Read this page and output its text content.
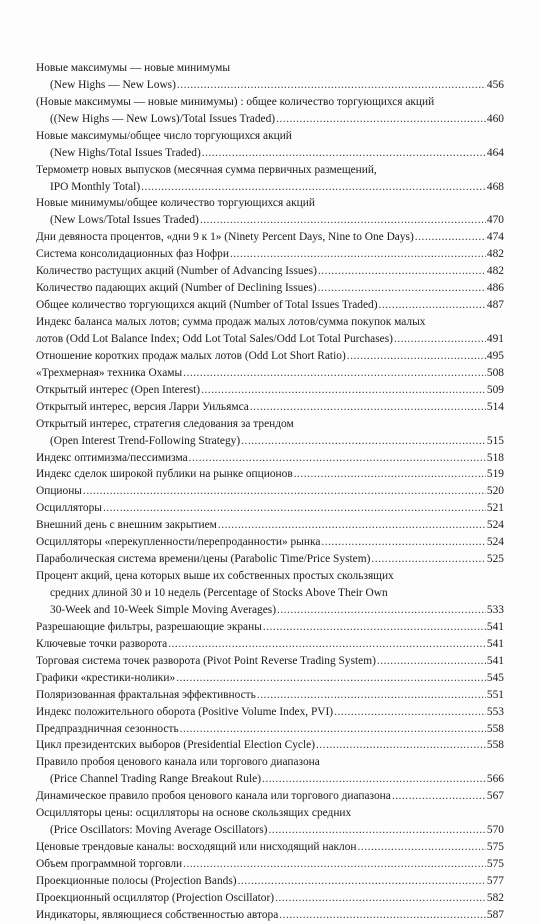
Новые максимумы — новые минимумы
(New Highs — New Lows) .....	456
(Новые максимумы — новые минимумы) : общее количество торгующихся акций
((New Highs — New Lows)/Total Issues Traded) .....	460
Новые максимумы/общее число торгующихся акций
(New Highs/Total Issues Traded) .....	464
Термометр новых выпусков (месячная сумма первичных размещений,
IPO Monthly Total) .....	468
Новые минимумы/общее количество торгующихся акций
(New Lows/Total Issues Traded) .....	470
Дни девяноста процентов, «дни 9 к 1» (Ninety Percent Days, Nine to One Days) .....	474
Система консолидационных фаз Нофри .....	482
Количество растущих акций (Number of Advancing Issues) .....	482
Количество падающих акций (Number of Declining Issues) .....	486
Общее количество торгующихся акций (Number of Total Issues Traded) .....	487
Индекс баланса малых лотов; сумма продаж малых лотов/сумма покупок малых
лотов (Odd Lot Balance Index; Odd Lot Total Sales/Odd Lot Total Purchases) .....	491
Отношение коротких продаж малых лотов (Odd Lot Short Ratio) .....	495
«Трехмерная» техника Охамы .....	508
Открытый интерес (Open Interest) .....	509
Открытый интерес, версия Ларри Уильямса .....	514
Открытый интерес, стратегия следования за трендом
(Open Interest Trend-Following Strategy) .....	515
Индекс оптимизма/пессимизма .....	518
Индекс сделок широкой публики на рынке опционов .....	519
Опционы .....	520
Осцилляторы .....	521
Внешний день с внешним закрытием .....	524
Осцилляторы «перекупленности/перепроданности» рынка .....	524
Параболическая система времени/цены (Parabolic Time/Price System) .....	525
Процент акций, цена которых выше их собственных простых скользящих
средних длиной 30 и 10 недель (Percentage of Stocks Above Their Own
30-Week and 10-Week Simple Moving Averages) .....	533
Разрешающие фильтры, разрешающие экраны .....	541
Ключевые точки разворота .....	541
Торговая система точек разворота (Pivot Point Reverse Trading System) .....	541
Графики «крестики-нолики» .....	545
Поляризованная фрактальная эффективность .....	551
Индекс положительного оборота (Positive Volume Index, PVI) .....	553
Предпраздничная сезонность .....	558
Цикл президентских выборов (Presidential Election Cycle) .....	558
Правило пробоя ценового канала или торгового диапазона
(Price Channel Trading Range Breakout Rule) .....	566
Динамическое правило пробоя ценового канала или торгового диапазона .....	567
Осцилляторы цены: осцилляторы на основе скользящих средних
(Price Oscillators: Moving Average Oscillators) .....	570
Ценовые трендовые каналы: восходящий или нисходящий наклон .....	575
Объем программной торговли .....	575
Проекционные полосы (Projection Bands) .....	577
Проекционный осциллятор (Projection Oscillator) .....	582
Индикаторы, являющиеся собственностью автора .....	587
